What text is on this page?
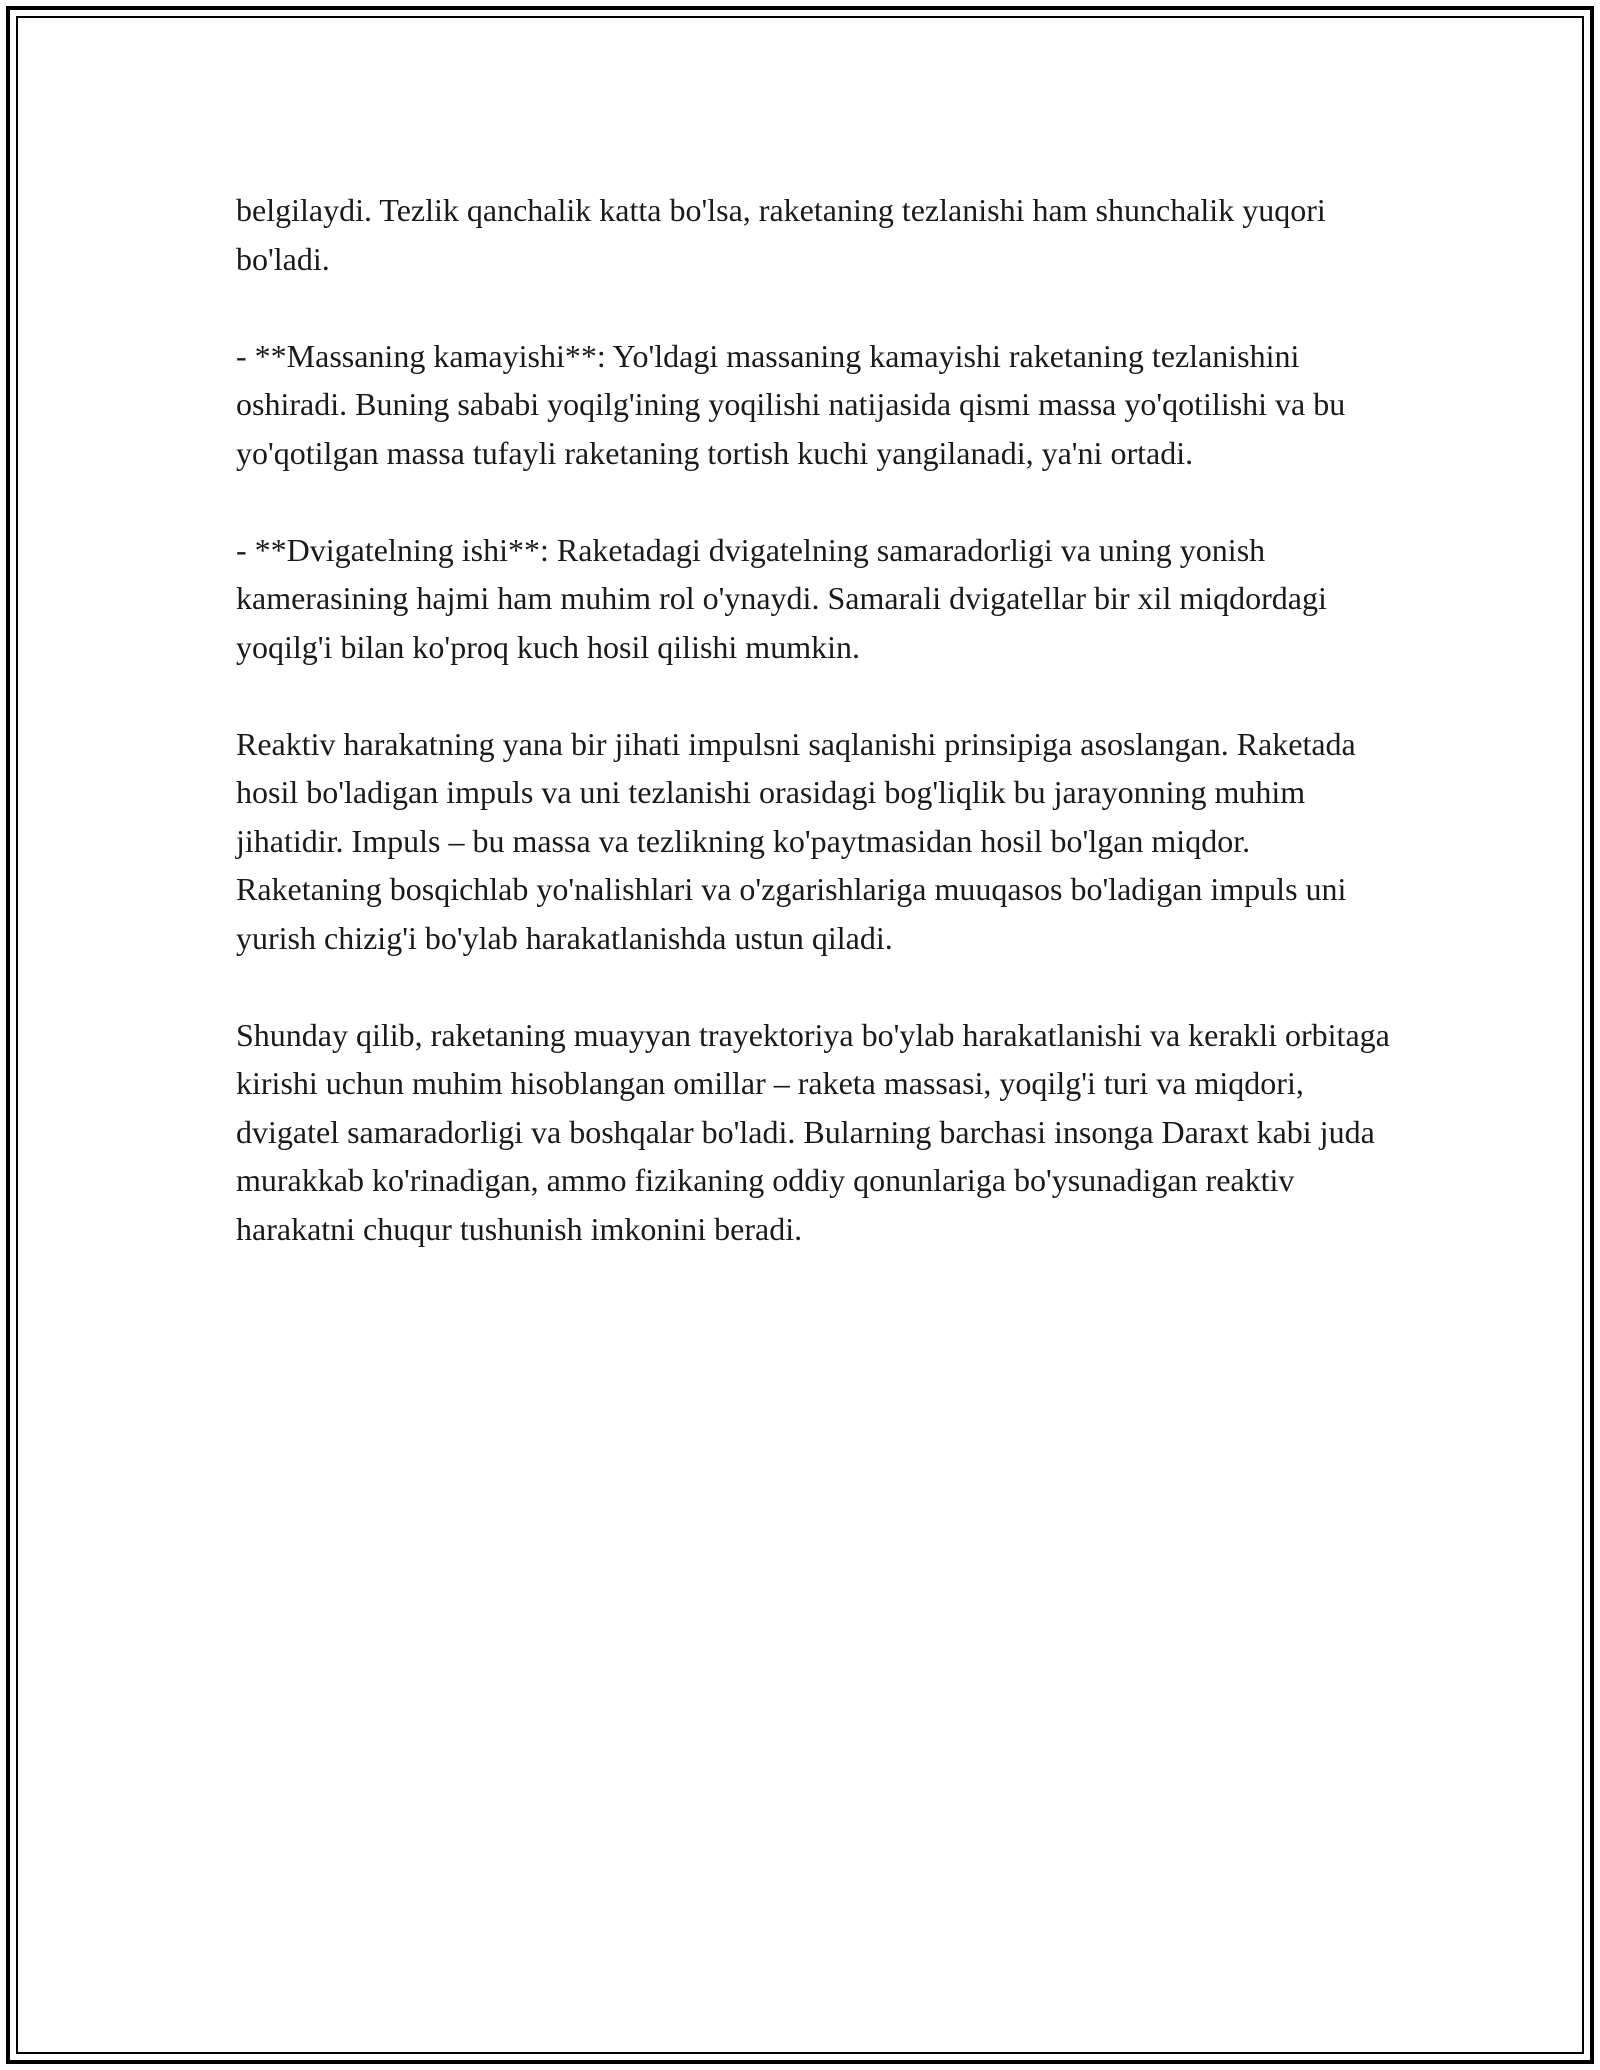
belgilaydi. Tezlik qanchalik katta bo'lsa, raketaning tezlanishi ham shunchalik yuqori bo'ladi.

- **Massaning kamayishi**: Yo'ldagi massaning kamayishi raketaning tezlanishini oshiradi. Buning sababi yoqilg'ining yoqilishi natijasida qismi massa yo'qotilishi va bu yo'qotilgan massa tufayli raketaning tortish kuchi yangilanadi, ya'ni ortadi.

- **Dvigatelning ishi**: Raketadagi dvigatelning samaradorligi va uning yonish kamerasining hajmi ham muhim rol o'ynaydi. Samarali dvigatellar bir xil miqdordagi yoqilg'i bilan ko'proq kuch hosil qilishi mumkin.

Reaktiv harakatning yana bir jihati impulsni saqlanishi prinsipiga asoslangan. Raketada hosil bo'ladigan impuls va uni tezlanishi orasidagi bog'liqlik bu jarayonning muhim jihatidir. Impuls – bu massa va tezlikning ko'paytmasidan hosil bo'lgan miqdor. Raketaning bosqichlab yo'nalishlari va o'zgarishlariga muuqasos bo'ladigan impuls uni yurish chizig'i bo'ylab harakatlanishda ustun qiladi.

Shunday qilib, raketaning muayyan trayektoriya bo'ylab harakatlanishi va kerakli orbitaga kirishi uchun muhim hisoblangan omillar – raketa massasi, yoqilg'i turi va miqdori, dvigatel samaradorligi va boshqalar bo'ladi. Bularning barchasi insonga Daraxt kabi juda murakkab ko'rinadigan, ammo fizikaning oddiy qonunlariga bo'ysunadigan reaktiv harakatni chuqur tushunish imkonini beradi.
